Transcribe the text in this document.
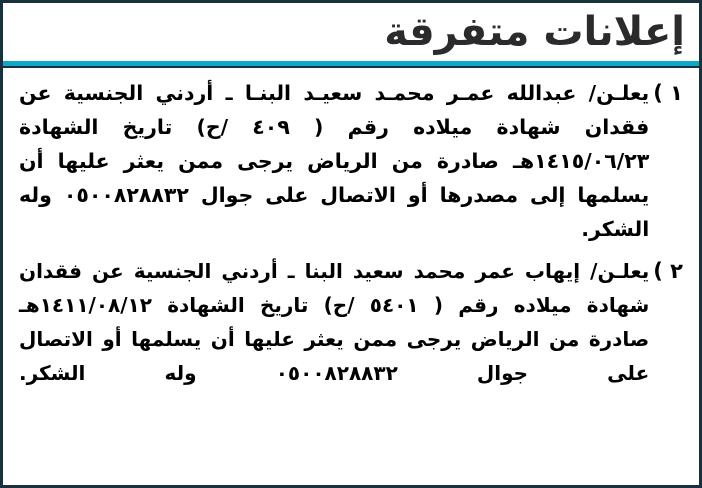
إعلانات متفرقة
١ )
يعلـن/ عبدالله عمـر محمـد سعيـد البنـا ـ أردني الجنسية عن فقدان شهادة ميلاده رقم ( ٤٠٩ /ح) تاريخ الشهادة ١٤١٥/٠٦/٢٣هـ صادرة من الرياض يرجى ممن يعثر عليها أن يسلمها إلى مصدرها أو الاتصال على جوال ٠٥٠٠٨٢٨٨٣٢ وله الشكر.
٢ )
يعلـن/ إيهاب عمر محمد سعيد البنا ـ أردني الجنسية عن فقدان شهادة ميلاده رقم ( ٥٤٠١ /ح) تاريخ الشهادة ١٤١١/٠٨/١٢هـ صادرة من الرياض يرجى ممن يعثر عليها أن يسلمها أو الاتصال على جوال ٠٥٠٠٨٢٨٨٣٢ وله الشكر.
